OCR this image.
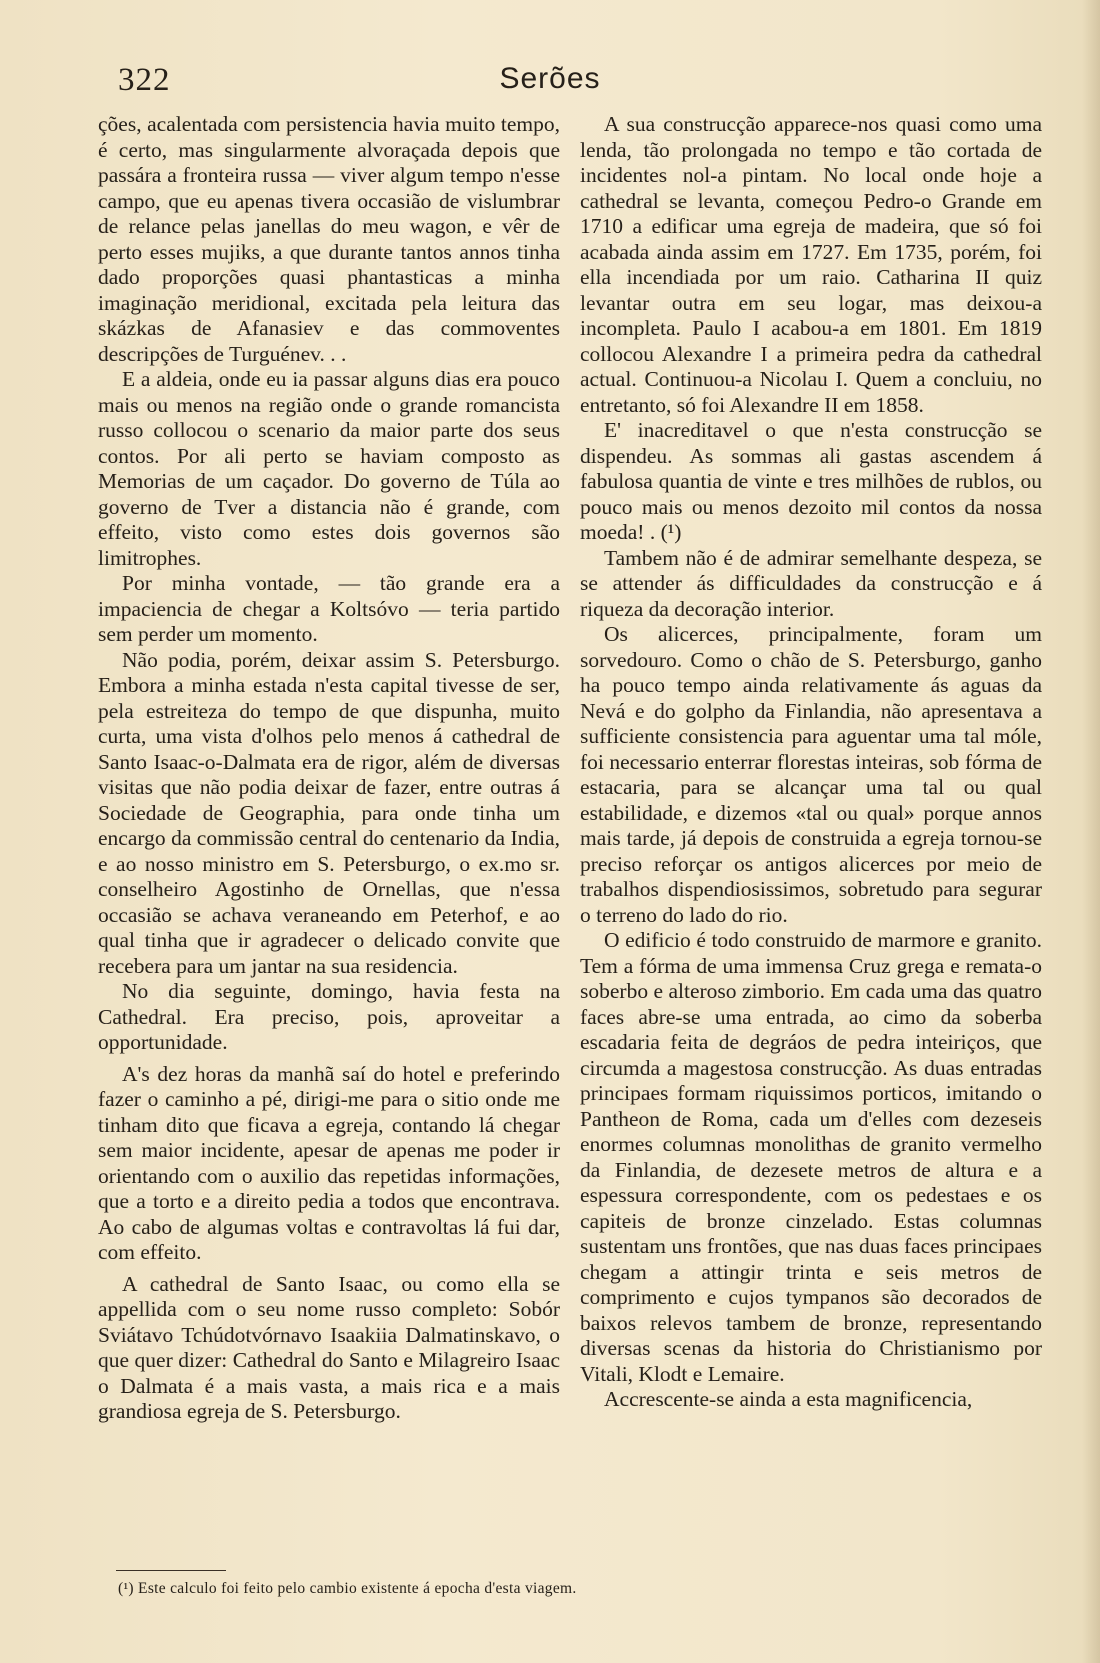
322	Serões

ções, acalentada com persistencia havia muito tempo, é certo, mas singularmente alvoraçada depois que passára a fronteira russa — viver algum tempo n'esse campo, que eu apenas tivera occasião de vislumbrar de relance pelas janellas do meu wagon, e vêr de perto esses mujiks, a que durante tantos annos tinha dado proporções quasi phantasticas a minha imaginação meridional, excitada pela leitura das skázkas de Afanasiev e das commoventes descripções de Turguénev. . .

E a aldeia, onde eu ia passar alguns dias era pouco mais ou menos na região onde o grande romancista russo collocou o scenario da maior parte dos seus contos. Por ali perto se haviam composto as Memorias de um caçador. Do governo de Túla ao governo de Tver a distancia não é grande, com effeito, visto como estes dois governos são limitrophes.

Por minha vontade, — tão grande era a impaciencia de chegar a Koltsóvo — teria partido sem perder um momento.

Não podia, porém, deixar assim S. Petersburgo. Embora a minha estada n'esta capital tivesse de ser, pela estreiteza do tempo de que dispunha, muito curta, uma vista d'olhos pelo menos á cathedral de Santo Isaac-o-Dalmata era de rigor, além de diversas visitas que não podia deixar de fazer, entre outras á Sociedade de Geographia, para onde tinha um encargo da commissão central do centenario da India, e ao nosso ministro em S. Petersburgo, o ex.mo sr. conselheiro Agostinho de Ornellas, que n'essa occasião se achava veraneando em Peterhof, e ao qual tinha que ir agradecer o delicado convite que recebera para um jantar na sua residencia.

No dia seguinte, domingo, havia festa na Cathedral. Era preciso, pois, aproveitar a opportunidade.

A's dez horas da manhã saí do hotel e preferindo fazer o caminho a pé, dirigi-me para o sitio onde me tinham dito que ficava a egreja, contando lá chegar sem maior incidente, apesar de apenas me poder ir orientando com o auxilio das repetidas informações, que a torto e a direito pedia a todos que encontrava. Ao cabo de algumas voltas e contravoltas lá fui dar, com effeito.

A cathedral de Santo Isaac, ou como ella se appellida com o seu nome russo completo: Sobór Sviátavo Tchúdotvórnavo Isaakiia Dalmatinskavo, o que quer dizer: Cathedral do Santo e Milagreiro Isaac o Dalmata é a mais vasta, a mais rica e a mais grandiosa egreja de S. Petersburgo.

A sua construcção apparece-nos quasi como uma lenda, tão prolongada no tempo e tão cortada de incidentes nol-a pintam. No local onde hoje a cathedral se levanta, começou Pedro-o Grande em 1710 a edificar uma egreja de madeira, que só foi acabada ainda assim em 1727. Em 1735, porém, foi ella incendiada por um raio. Catharina II quiz levantar outra em seu logar, mas deixou-a incompleta. Paulo I acabou-a em 1801. Em 1819 collocou Alexandre I a primeira pedra da cathedral actual. Continuou-a Nicolau I. Quem a concluiu, no entretanto, só foi Alexandre II em 1858.

E' inacreditavel o que n'esta construcção se dispendeu. As sommas ali gastas ascendem á fabulosa quantia de vinte e tres milhões de rublos, ou pouco mais ou menos dezoito mil contos da nossa moeda! . (¹)

Tambem não é de admirar semelhante despeza, se se attender ás difficuldades da construcção e á riqueza da decoração interior.

Os alicerces, principalmente, foram um sorvedouro. Como o chão de S. Petersburgo, ganho ha pouco tempo ainda relativamente ás aguas da Nevá e do golpho da Finlandia, não apresentava a sufficiente consistencia para aguentar uma tal móle, foi necessario enterrar florestas inteiras, sob fórma de estacaria, para se alcançar uma tal ou qual estabilidade, e dizemos «tal ou qual» porque annos mais tarde, já depois de construida a egreja tornou-se preciso reforçar os antigos alicerces por meio de trabalhos dispendiosissimos, sobretudo para segurar o terreno do lado do rio.

O edificio é todo construido de marmore e granito. Tem a fórma de uma immensa Cruz grega e remata-o soberbo e alteroso zimborio. Em cada uma das quatro faces abre-se uma entrada, ao cimo da soberba escadaria feita de degráos de pedra inteiriços, que circumda a magestosa construcção. As duas entradas principaes formam riquissimos porticos, imitando o Pantheon de Roma, cada um d'elles com dezeseis enormes columnas monolithas de granito vermelho da Finlandia, de dezesete metros de altura e a espessura correspondente, com os pedestaes e os capiteis de bronze cinzelado. Estas columnas sustentam uns frontões, que nas duas faces principaes chegam a attingir trinta e seis metros de comprimento e cujos tympanos são decorados de baixos relevos tambem de bronze, representando diversas scenas da historia do Christianismo por Vitali, Klodt e Lemaire.

Accrescente-se ainda a esta magnificencia,

(¹) Este calculo foi feito pelo cambio existente á epocha d'esta viagem.
